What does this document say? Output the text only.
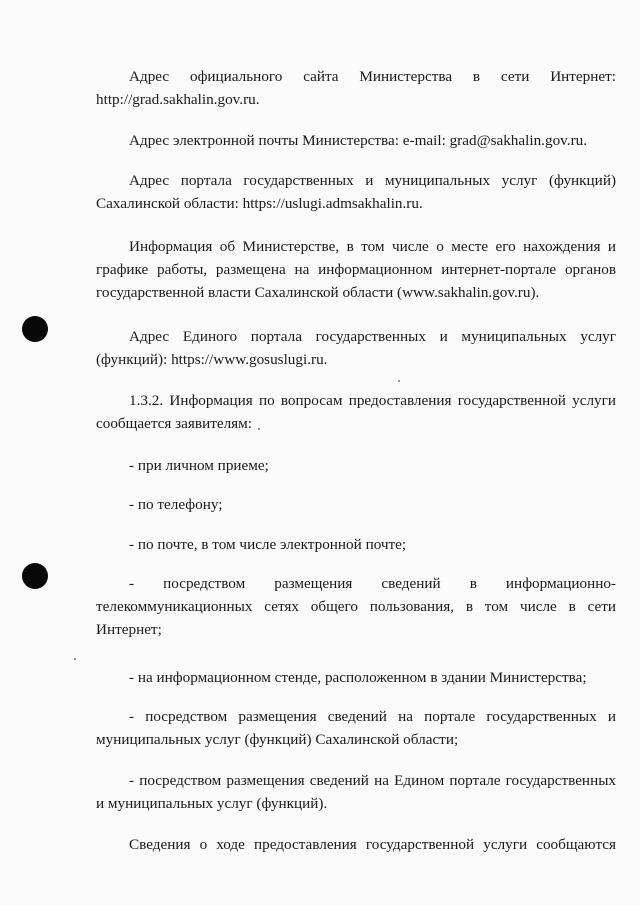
Адрес официального сайта Министерства в сети Интернет: http://grad.sakhalin.gov.ru.

Адрес электронной почты Министерства: e-mail: grad@sakhalin.gov.ru.

Адрес портала государственных и муниципальных услуг (функций) Сахалинской области: https://uslugi.admsakhalin.ru.

Информация об Министерстве, в том числе о месте его нахождения и графике работы, размещена на информационном интернет-портале органов государственной власти Сахалинской области (www.sakhalin.gov.ru).

Адрес Единого портала государственных и муниципальных услуг (функций): https://www.gosuslugi.ru.

1.3.2. Информация по вопросам предоставления государственной услуги сообщается заявителям:

- при личном приеме;

- по телефону;

- по почте, в том числе электронной почте;

- посредством размещения сведений в информационно-телекоммуникационных сетях общего пользования, в том числе в сети Интернет;

- на информационном стенде, расположенном в здании Министерства;

- посредством размещения сведений на портале государственных и муниципальных услуг (функций) Сахалинской области;

- посредством размещения сведений на Едином портале государственных и муниципальных услуг (функций).

Сведения о ходе предоставления государственной услуги сообщаются
